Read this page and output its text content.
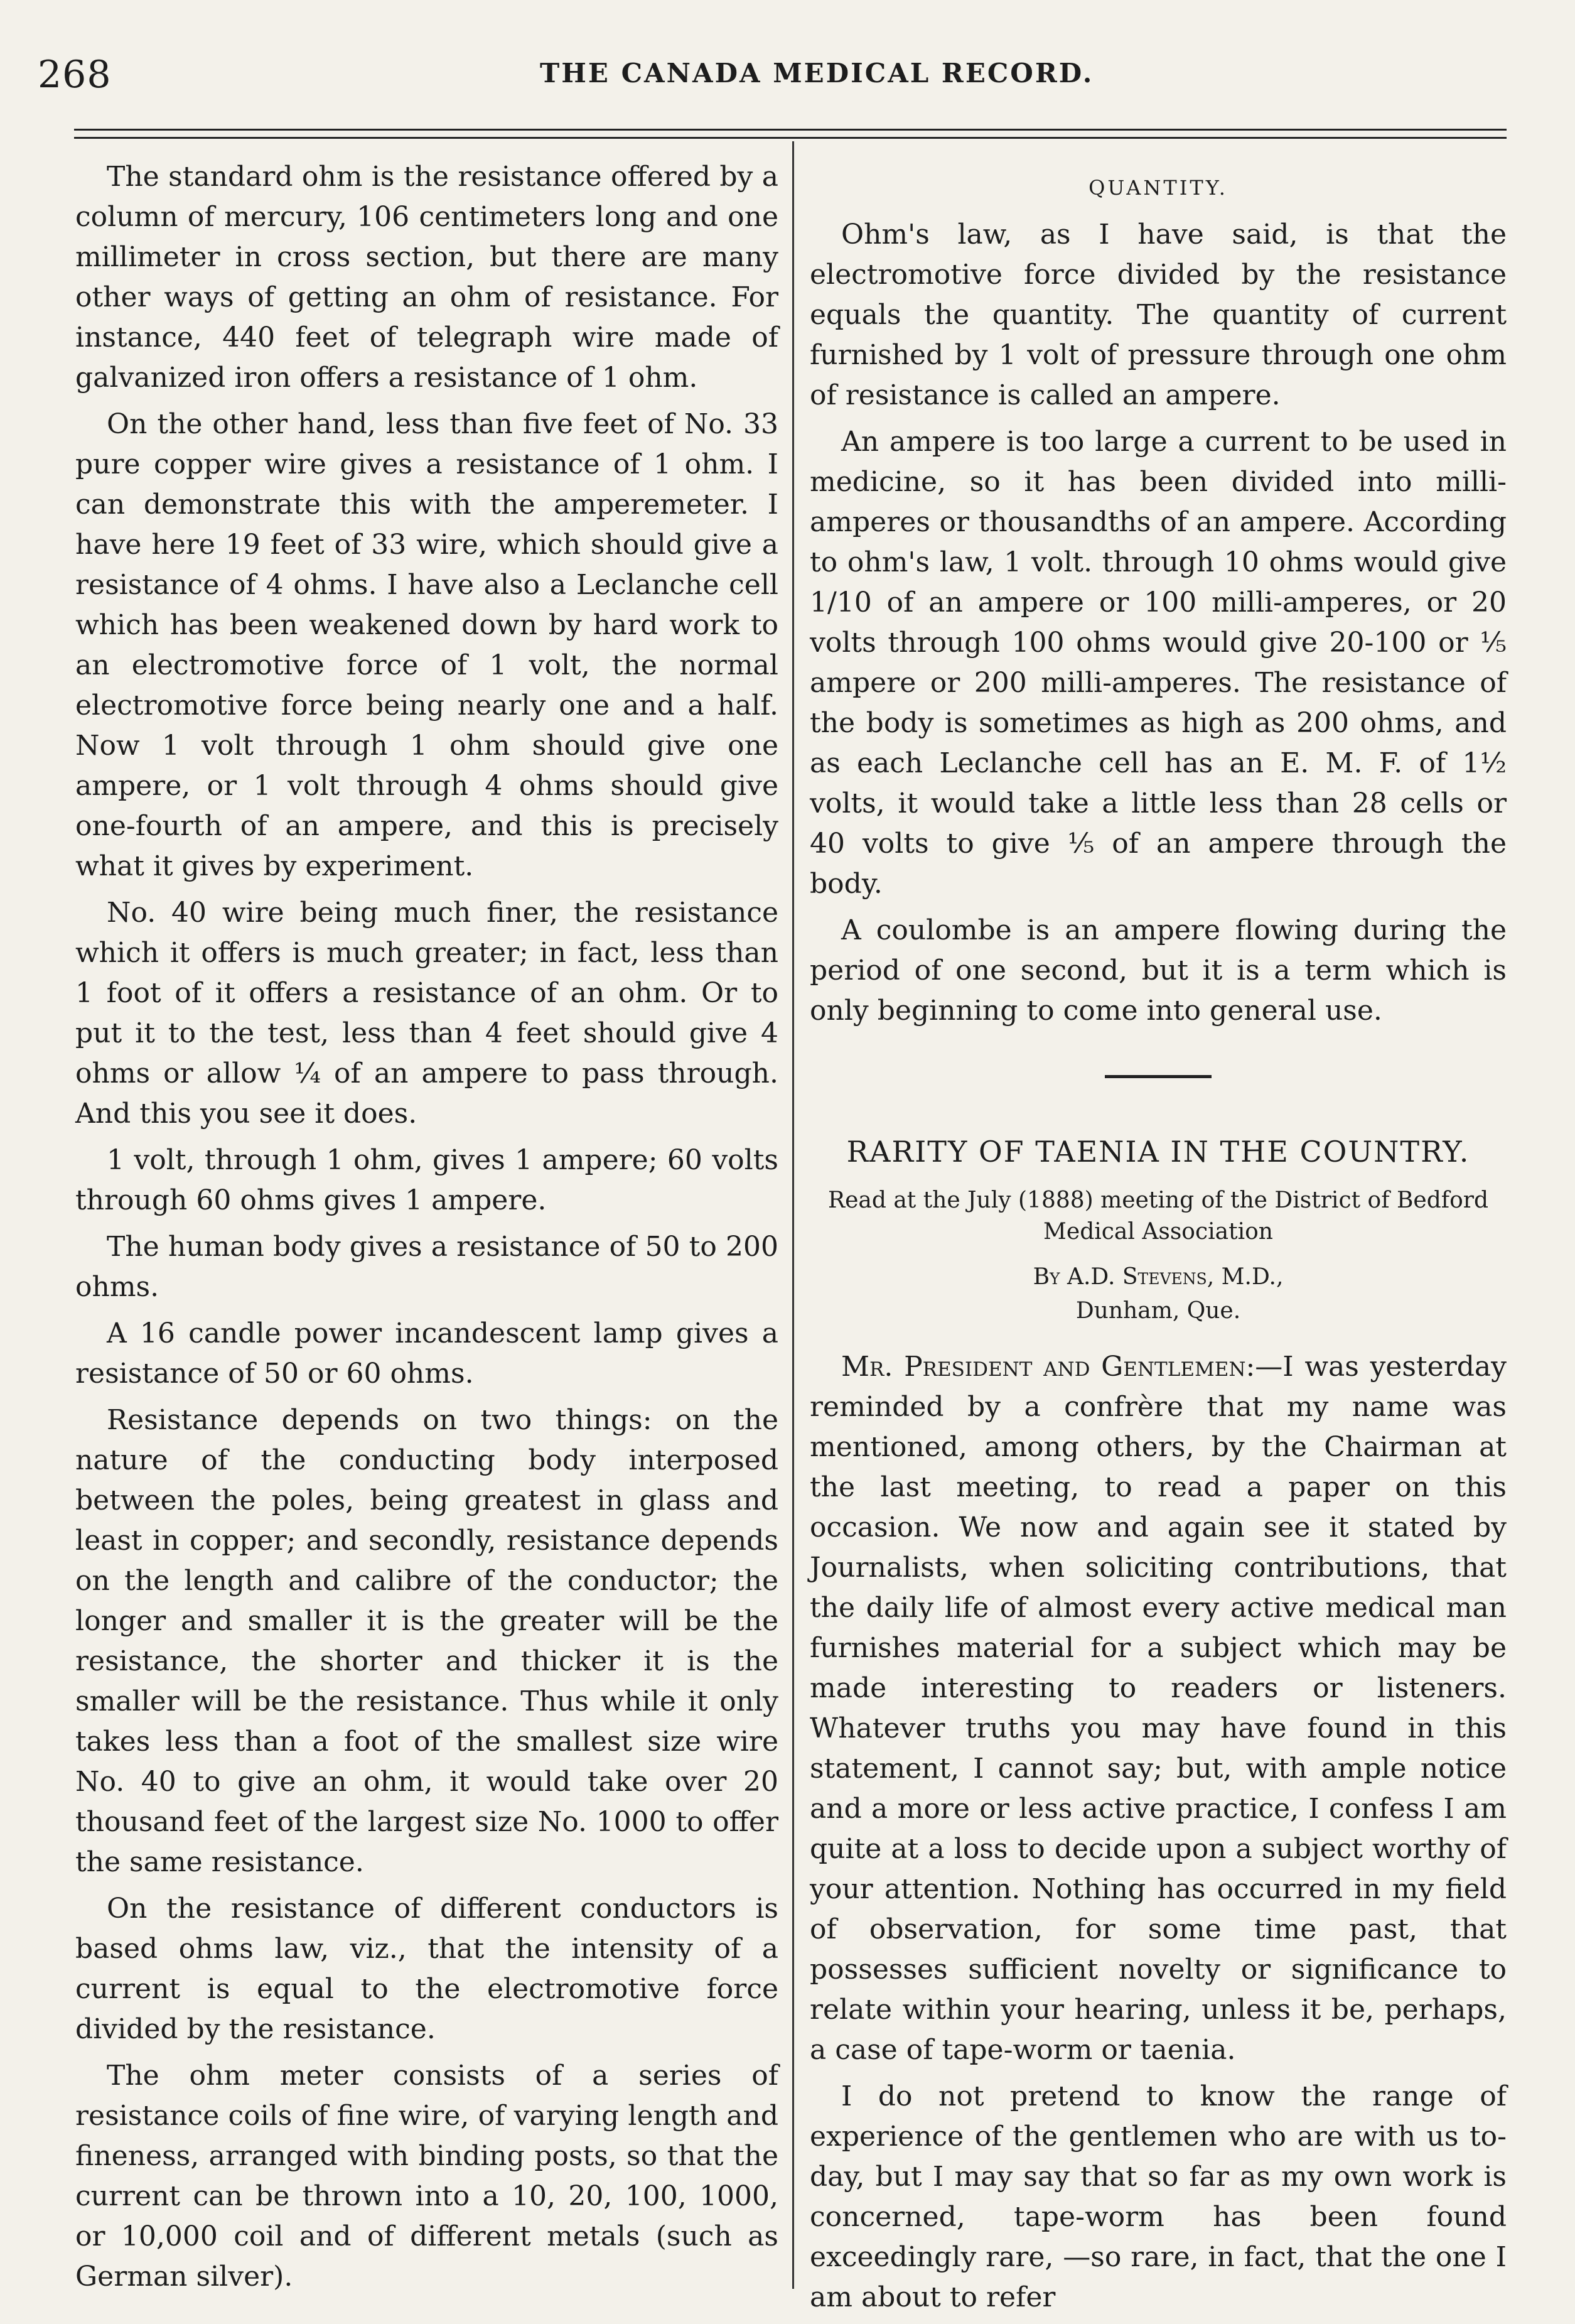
268	THE CANADA MEDICAL RECORD.

The standard ohm is the resistance offered by a column of mercury, 106 centimeters long and one millimeter in cross section, but there are many other ways of getting an ohm of resistance. For instance, 440 feet of telegraph wire made of galvanized iron offers a resistance of 1 ohm.

On the other hand, less than five feet of No. 33 pure copper wire gives a resistance of 1 ohm. I can demonstrate this with the amperemeter. I have here 19 feet of 33 wire, which should give a resistance of 4 ohms. I have also a Leclanche cell which has been weakened down by hard work to an electromotive force of 1 volt, the normal electromotive force being nearly one and a half. Now 1 volt through 1 ohm should give one ampere, or 1 volt through 4 ohms should give one-fourth of an ampere, and this is precisely what it gives by experiment.

No. 40 wire being much finer, the resistance which it offers is much greater; in fact, less than 1 foot of it offers a resistance of an ohm. Or to put it to the test, less than 4 feet should give 4 ohms or allow ¼ of an ampere to pass through. And this you see it does.

1 volt, through 1 ohm, gives 1 ampere; 60 volts through 60 ohms gives 1 ampere.

The human body gives a resistance of 50 to 200 ohms.

A 16 candle power incandescent lamp gives a resistance of 50 or 60 ohms.

Resistance depends on two things: on the nature of the conducting body interposed between the poles, being greatest in glass and least in copper; and secondly, resistance depends on the length and calibre of the conductor; the longer and smaller it is the greater will be the resistance, the shorter and thicker it is the smaller will be the resistance. Thus while it only takes less than a foot of the smallest size wire No. 40 to give an ohm, it would take over 20 thousand feet of the largest size No. 1000 to offer the same resistance.

On the resistance of different conductors is based ohms law, viz., that the intensity of a current is equal to the electromotive force divided by the resistance.

The ohm meter consists of a series of resistance coils of fine wire, of varying length and fineness, arranged with binding posts, so that the current can be thrown into a 10, 20, 100, 1000, or 10,000 coil and of different metals (such as German silver).

QUANTITY.

Ohm's law, as I have said, is that the electromotive force divided by the resistance equals the quantity. The quantity of current furnished by 1 volt of pressure through one ohm of resistance is called an ampere.

An ampere is too large a current to be used in medicine, so it has been divided into milli-amperes or thousandths of an ampere. According to ohm's law, 1 volt. through 10 ohms would give 1/10 of an ampere or 100 milli-amperes, or 20 volts through 100 ohms would give 20-100 or ⅕ ampere or 200 milli-amperes. The resistance of the body is sometimes as high as 200 ohms, and as each Leclanche cell has an E. M. F. of 1½ volts, it would take a little less than 28 cells or 40 volts to give ⅕ of an ampere through the body.

A coulombe is an ampere flowing during the period of one second, but it is a term which is only beginning to come into general use.

RARITY OF TAENIA IN THE COUNTRY.
Read at the July (1888) meeting of the District of Bedford Medical Association
By A.D. Stevens, M.D.,
Dunham, Que.

Mr. President and Gentlemen:—I was yesterday reminded by a confrère that my name was mentioned, among others, by the Chairman at the last meeting, to read a paper on this occasion. We now and again see it stated by Journalists, when soliciting contributions, that the daily life of almost every active medical man furnishes material for a subject which may be made interesting to readers or listeners. Whatever truths you may have found in this statement, I cannot say; but, with ample notice and a more or less active practice, I confess I am quite at a loss to decide upon a subject worthy of your attention. Nothing has occurred in my field of observation, for some time past, that possesses sufficient novelty or significance to relate within your hearing, unless it be, perhaps, a case of tape-worm or taenia.

I do not pretend to know the range of experience of the gentlemen who are with us to-day, but I may say that so far as my own work is concerned, tape-worm has been found exceedingly rare, —so rare, in fact, that the one I am about to refer
